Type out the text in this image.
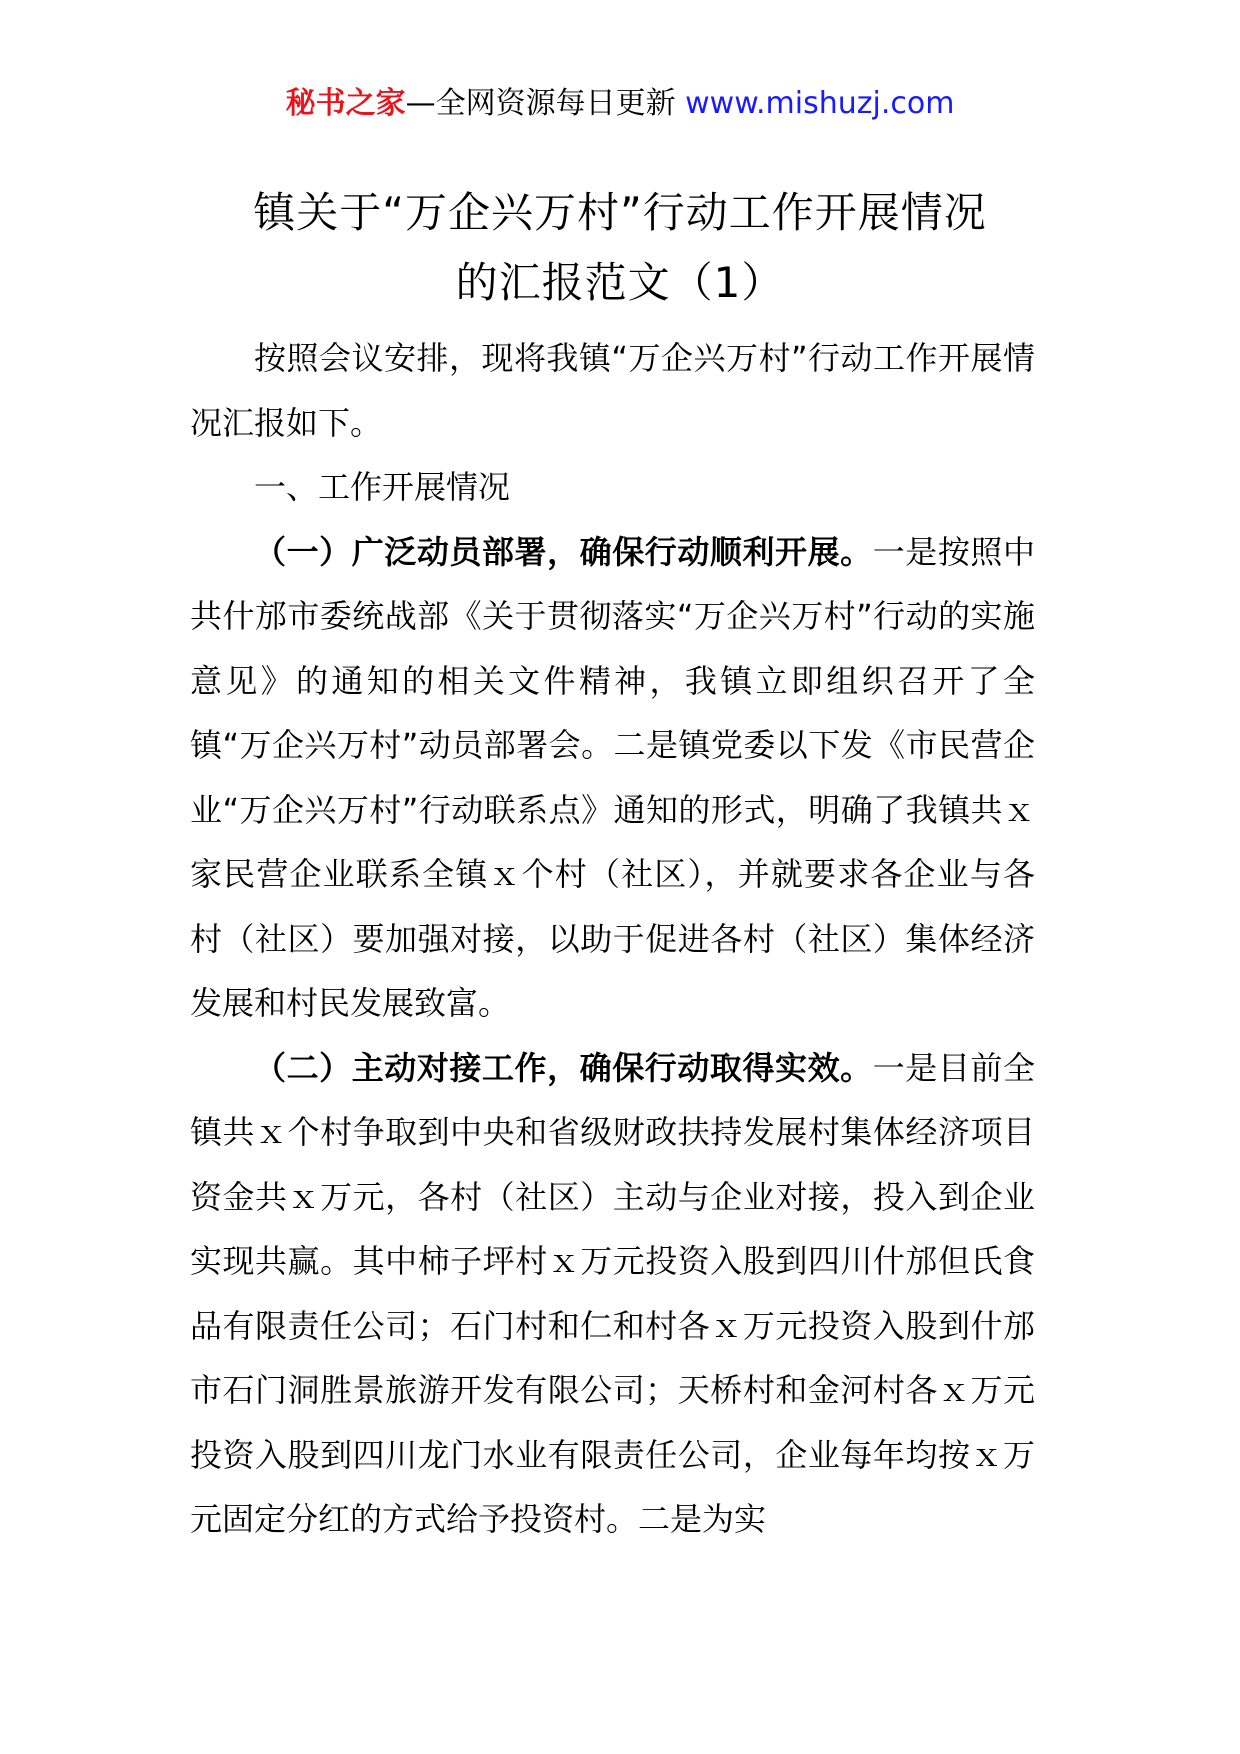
秘书之家—全网资源每日更新 www.mishuzj.com
镇关于“万企兴万村”行动工作开展情况
的汇报范文（1）

按照会议安排，现将我镇“万企兴万村”行动工作开展情况汇报如下。

一、工作开展情况

（一）广泛动员部署，确保行动顺利开展。一是按照中共什邡市委统战部《关于贯彻落实“万企兴万村”行动的实施意见》的通知的相关文件精神，我镇立即组织召开了全镇“万企兴万村”动员部署会。二是镇党委以下发《市民营企业“万企兴万村”行动联系点》通知的形式，明确了我镇共ｘ家民营企业联系全镇ｘ个村（社区），并就要求各企业与各村（社区）要加强对接，以助于促进各村（社区）集体经济发展和村民发展致富。

（二）主动对接工作，确保行动取得实效。一是目前全镇共ｘ个村争取到中央和省级财政扶持发展村集体经济项目资金共ｘ万元，各村（社区）主动与企业对接，投入到企业实现共赢。其中柿子坪村ｘ万元投资入股到四川什邡但氏食品有限责任公司；石门村和仁和村各ｘ万元投资入股到什邡市石门洞胜景旅游开发有限公司；天桥村和金河村各ｘ万元投资入股到四川龙门水业有限责任公司，企业每年均按ｘ万元固定分红的方式给予投资村。二是为实
